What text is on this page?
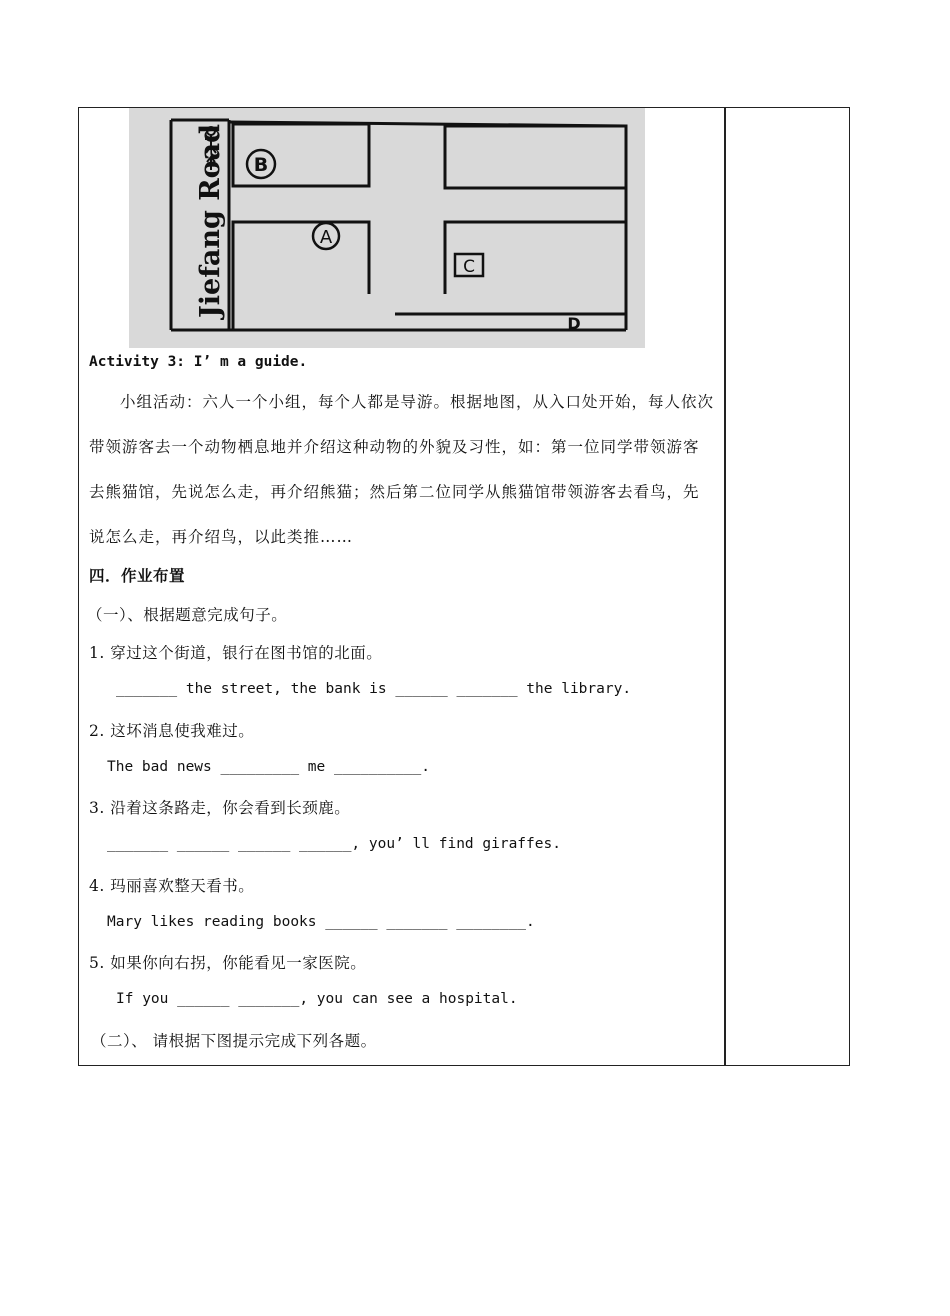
B
A
C
D
Jiefang Road
Activity 3: I’ m a guide.
小组活动：六人一个小组，每个人都是导游。根据地图，从入口处开始，每人依次带领游客去一个动物栖息地并介绍这种动物的外貌及习性，如：第一位同学带领游客去熊猫馆，先说怎么走，再介绍熊猫；然后第二位同学从熊猫馆带领游客去看鸟，先说怎么走，再介绍鸟，以此类推……
四．作业布置
（一）、根据题意完成句子。
1. 穿过这个街道，银行在图书馆的北面。
_______ the street, the bank is ______ _______ the library.
2. 这坏消息使我难过。
The bad news _________ me __________.
3. 沿着这条路走，你会看到长颈鹿。
_______ ______ ______ ______, you’ ll find giraffes.
4. 玛丽喜欢整天看书。
Mary likes reading books ______ _______ ________.
5. 如果你向右拐，你能看见一家医院。
If you ______ _______, you can see a hospital.
（二）、 请根据下图提示完成下列各题。
